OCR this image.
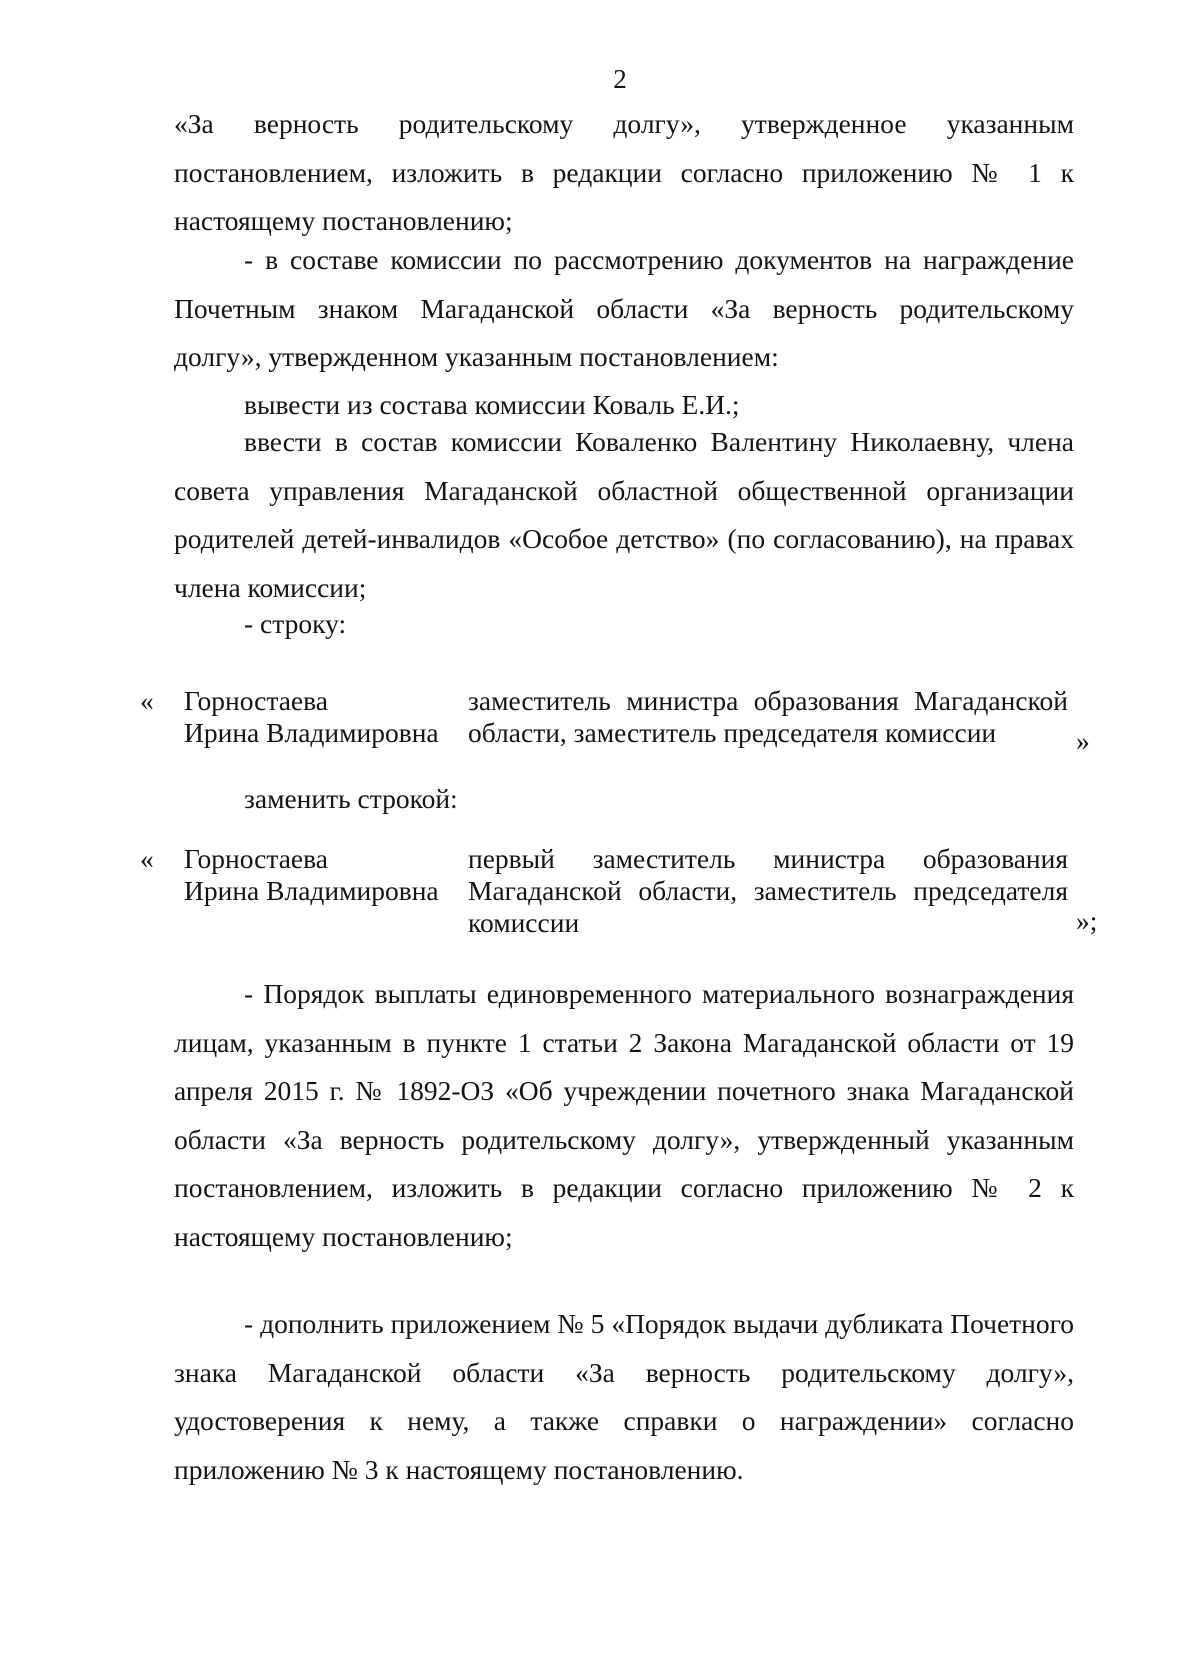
2
«За верность родительскому долгу», утвержденное указанным постановлением, изложить в редакции согласно приложению № 1 к настоящему постановлению;
- в составе комиссии по рассмотрению документов на награждение Почетным знаком Магаданской области «За верность родительскому долгу», утвержденном указанным постановлением:
вывести из состава комиссии Коваль Е.И.;
ввести в состав комиссии Коваленко Валентину Николаевну, члена совета управления Магаданской областной общественной организации родителей детей-инвалидов «Особое детство» (по согласованию), на правах члена комиссии;
- строку:
« Горностаева
Ирина Владимировна
заместитель министра образования Магаданской области, заместитель председателя комиссии	»
заменить строкой:
« Горностаева
Ирина Владимировна
первый заместитель министра образования Магаданской области, заместитель председателя комиссии	»;
- Порядок выплаты единовременного материального вознаграждения лицам, указанным в пункте 1 статьи 2 Закона Магаданской области от 19 апреля 2015 г. № 1892-ОЗ «Об учреждении почетного знака Магаданской области «За верность родительскому долгу», утвержденный указанным постановлением, изложить в редакции согласно приложению № 2 к настоящему постановлению;
- дополнить приложением № 5 «Порядок выдачи дубликата Почетного знака Магаданской области «За верность родительскому долгу», удостоверения к нему, а также справки о награждении» согласно приложению № 3 к настоящему постановлению.
